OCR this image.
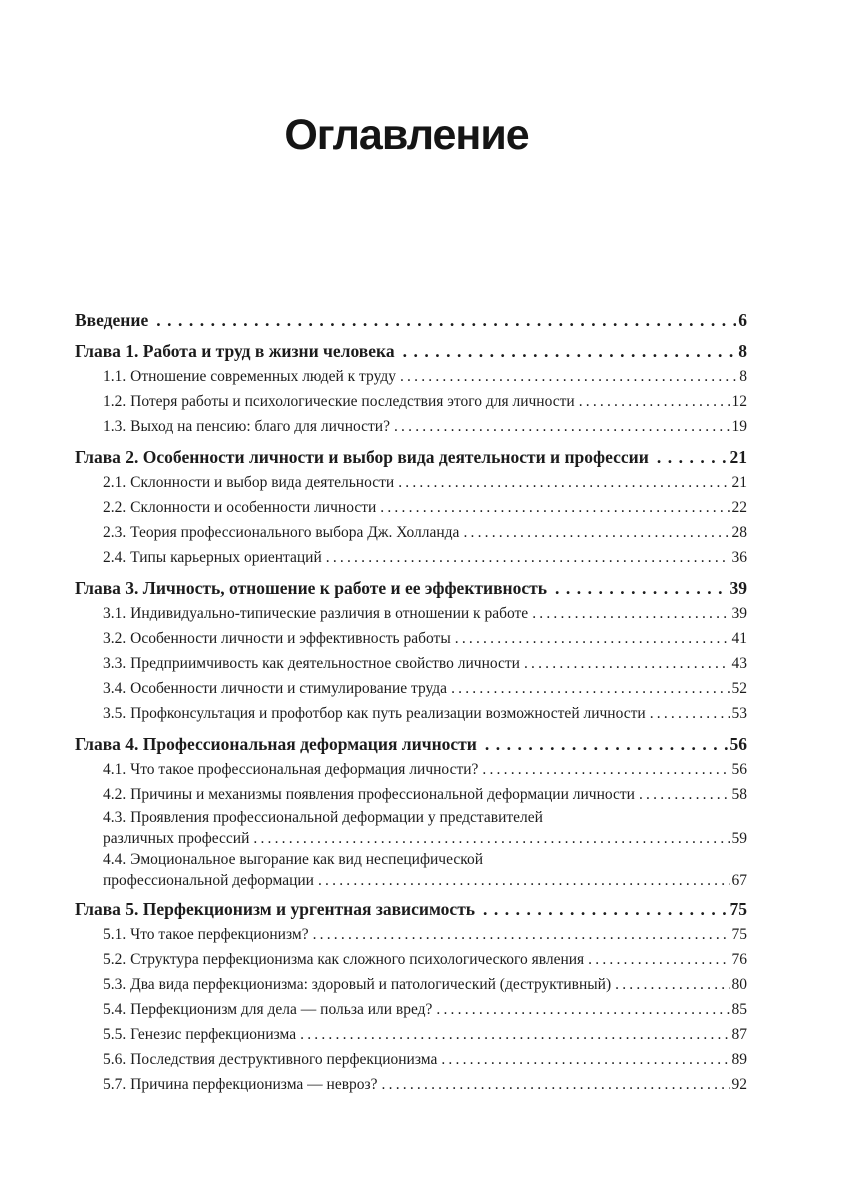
Оглавление
Введение .....	6
Глава 1. Работа и труд в жизни человека .....	8
1.1. Отношение современных людей к труду .....	8
1.2. Потеря работы и психологические последствия этого для личности .....	12
1.3. Выход на пенсию: благо для личности? .....	19
Глава 2. Особенности личности и выбор вида деятельности и профессии .....	21
2.1. Склонности и выбор вида деятельности .....	21
2.2. Склонности и особенности личности .....	22
2.3. Теория профессионального выбора Дж. Холланда .....	28
2.4. Типы карьерных ориентаций .....	36
Глава 3. Личность, отношение к работе и ее эффективность .....	39
3.1. Индивидуально-типические различия в отношении к работе .....	39
3.2. Особенности личности и эффективность работы .....	41
3.3. Предприимчивость как деятельностное свойство личности .....	43
3.4. Особенности личности и стимулирование труда .....	52
3.5. Профконсультация и профотбор как путь реализации возможностей личности .....	53
Глава 4. Профессиональная деформация личности .....	56
4.1. Что такое профессиональная деформация личности? .....	56
4.2. Причины и механизмы появления профессиональной деформации личности .....	58
4.3. Проявления профессиональной деформации у представителей
различных профессий .....	59
4.4. Эмоциональное выгорание как вид неспецифической
профессиональной деформации .....	67
Глава 5. Перфекционизм и ургентная зависимость .....	75
5.1. Что такое перфекционизм? .....	75
5.2. Структура перфекционизма как сложного психологического явления .....	76
5.3. Два вида перфекционизма: здоровый и патологический (деструктивный) .....	80
5.4. Перфекционизм для дела — польза или вред? .....	85
5.5. Генезис перфекционизма .....	87
5.6. Последствия деструктивного перфекционизма .....	89
5.7. Причина перфекционизма — невроз? .....	92
